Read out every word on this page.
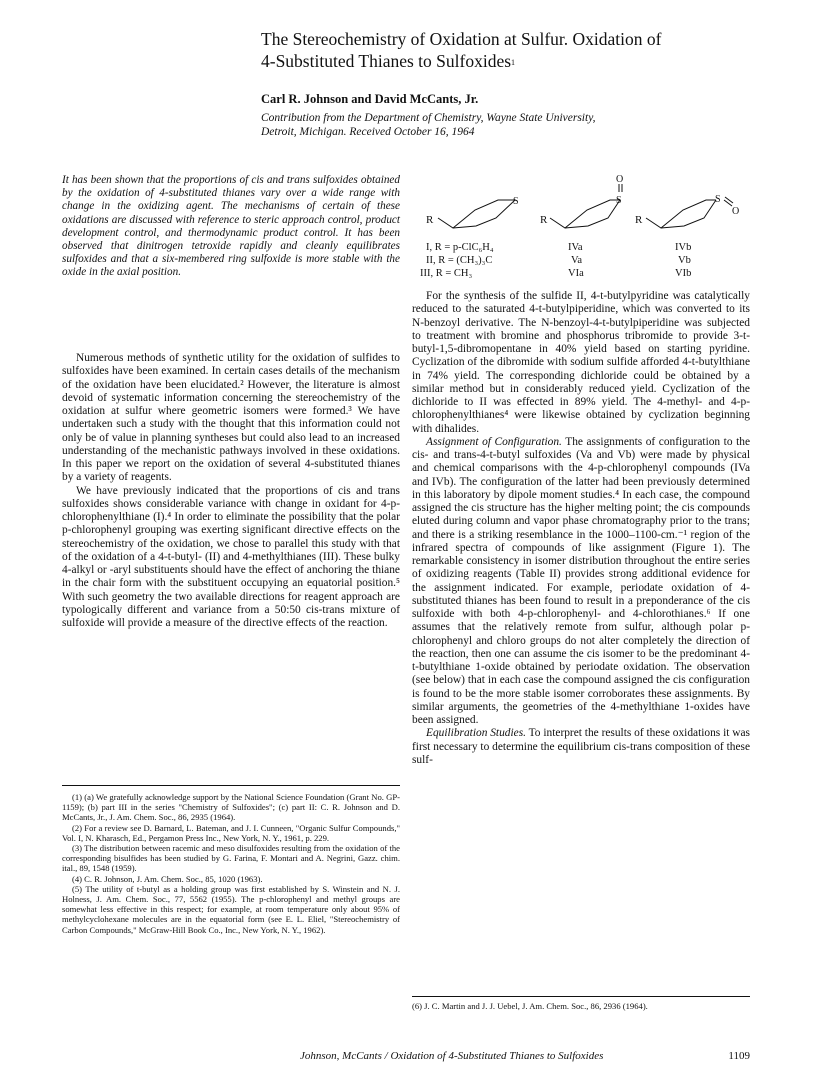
The Stereochemistry of Oxidation at Sulfur. Oxidation of
4-Substituted Thianes to Sulfoxides$^1$
Carl R. Johnson and David McCants, Jr.
Contribution from the Department of Chemistry, Wayne State University,
Detroit, Michigan. Received October 16, 1964

It has been shown that the proportions of cis and trans sulfoxides obtained by the oxidation of 4-substituted thianes vary over a wide range with change in the oxidizing agent. The mechanisms of certain of these oxidations are discussed with reference to steric approach control, product development control, and thermodynamic product control. It has been observed that dinitrogen tetroxide rapidly and cleanly equilibrates sulfoxides and that a six-membered ring sulfoxide is more stable with the oxide in the axial position.

Numerous methods of synthetic utility for the oxidation of sulfides to sulfoxides have been examined. In certain cases details of the mechanism of the oxidation have been elucidated.² However, the literature is almost devoid of systematic information concerning the stereochemistry of the oxidation at sulfur where geometric isomers were formed.³ We have undertaken such a study with the thought that this information could not only be of value in planning syntheses but could also lead to an increased understanding of the mechanistic pathways involved in these oxidations. In this paper we report on the oxidation of several 4-substituted thianes by a variety of reagents.

We have previously indicated that the proportions of cis and trans sulfoxides shows considerable variance with change in oxidant for 4-p-chlorophenylthiane (I).⁴ In order to eliminate the possibility that the polar p-chlorophenyl grouping was exerting significant directive effects on the stereochemistry of the oxidation, we chose to parallel this study with that of the oxidation of a 4-t-butyl- (II) and 4-methylthianes (III). These bulky 4-alkyl or -aryl substituents should have the effect of anchoring the thiane in the chair form with the substituent occupying an equatorial position.⁵ With such geometry the two available directions for reagent approach are typologically different and variance from a 50:50 cis-trans mixture of sulfoxide will provide a measure of the directive effects of the reaction.

(1) (a) We gratefully acknowledge support by the National Science Foundation (Grant No. GP-1159); (b) part III in the series "Chemistry of Sulfoxides"; (c) part II: C. R. Johnson and D. McCants, Jr., J. Am. Chem. Soc., 86, 2935 (1964).

(2) For a review see D. Barnard, L. Bateman, and J. I. Cunneen, "Organic Sulfur Compounds," Vol. I, N. Kharasch, Ed., Pergamon Press Inc., New York, N. Y., 1961, p. 229.

(3) The distribution between racemic and meso disulfoxides resulting from the oxidation of the corresponding bisulfides has been studied by G. Farina, F. Montari and A. Negrini, Gazz. chim. ital., 89, 1548 (1959).

(4) C. R. Johnson, J. Am. Chem. Soc., 85, 1020 (1963).

(5) The utility of t-butyl as a holding group was first established by S. Winstein and N. J. Holness, J. Am. Chem. Soc., 77, 5562 (1955). The p-chlorophenyl and methyl groups are somewhat less effective in this respect; for example, at room temperature only about 95% of methylcyclohexane molecules are in the equatorial form (see E. L. Eliel, "Stereochemistry of Carbon Compounds," McGraw-Hill Book Co., Inc., New York, N. Y., 1962).

R
S
R
S
O
R
S
O
I, R = p-ClC₆H₄
II, R = (CH₃)₃C
III, R = CH₃
IVa
Va
VIa
IVb
Vb
VIb

For the synthesis of the sulfide II, 4-t-butylpyridine was catalytically reduced to the saturated 4-t-butylpiperidine, which was converted to its N-benzoyl derivative. The N-benzoyl-4-t-butylpiperidine was subjected to treatment with bromine and phosphorus tribromide to provide 3-t-butyl-1,5-dibromopentane in 40% yield based on starting pyridine. Cyclization of the dibromide with sodium sulfide afforded 4-t-butylthiane in 74% yield. The corresponding dichloride could be obtained by a similar method but in considerably reduced yield. Cyclization of the dichloride to II was effected in 89% yield. The 4-methyl- and 4-p-chlorophenylthianes⁴ were likewise obtained by cyclization beginning with dihalides.

Assignment of Configuration. The assignments of configuration to the cis- and trans-4-t-butyl sulfoxides (Va and Vb) were made by physical and chemical comparisons with the 4-p-chlorophenyl compounds (IVa and IVb). The configuration of the latter had been previously determined in this laboratory by dipole moment studies.⁴ In each case, the compound assigned the cis structure has the higher melting point; the cis compounds eluted during column and vapor phase chromatography prior to the trans; and there is a striking resemblance in the 1000–1100-cm.⁻¹ region of the infrared spectra of compounds of like assignment (Figure 1). The remarkable consistency in isomer distribution throughout the entire series of oxidizing reagents (Table II) provides strong additional evidence for the assignment indicated. For example, periodate oxidation of 4-substituted thianes has been found to result in a preponderance of the cis sulfoxide with both 4-p-chlorophenyl- and 4-chlorothianes.⁶ If one assumes that the relatively remote from sulfur, although polar p-chlorophenyl and chloro groups do not alter completely the direction of the reaction, then one can assume the cis isomer to be the predominant 4-t-butylthiane 1-oxide obtained by periodate oxidation. The observation (see below) that in each case the compound assigned the cis configuration is found to be the more stable isomer corroborates these assignments. By similar arguments, the geometries of the 4-methylthiane 1-oxides have been assigned.

Equilibration Studies. To interpret the results of these oxidations it was first necessary to determine the equilibrium cis-trans composition of these sulf-

(6) J. C. Martin and J. J. Uebel, J. Am. Chem. Soc., 86, 2936 (1964).
Johnson, McCants / Oxidation of 4-Substituted Thianes to Sulfoxides	1109
